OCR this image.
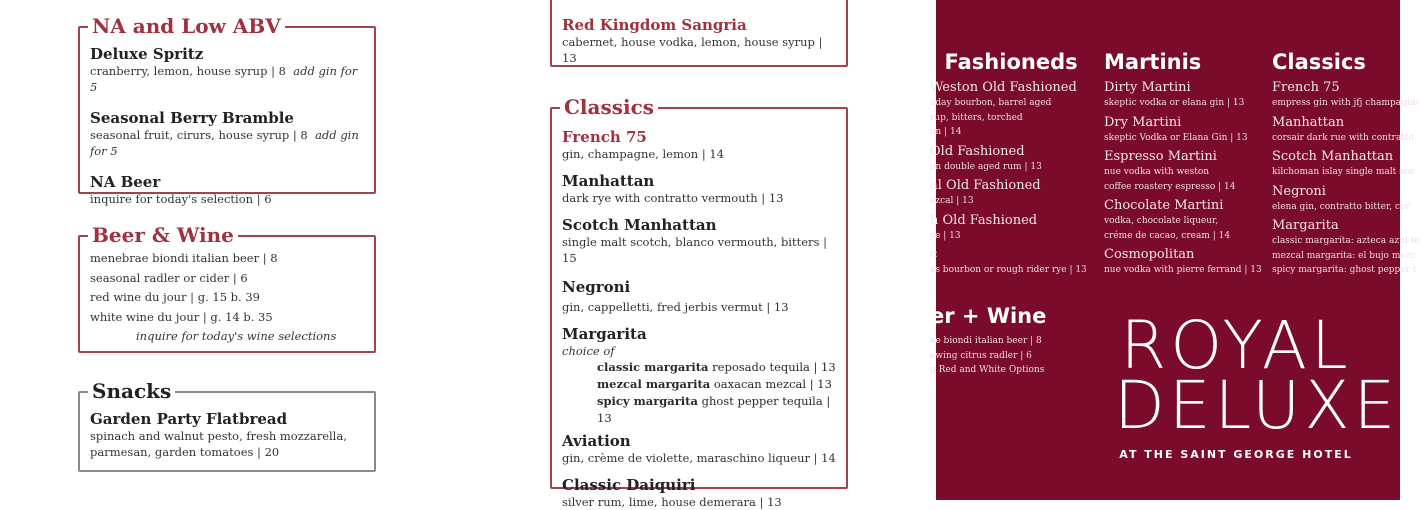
NA and Low ABV
Deluxe Spritz
cranberry, lemon, house syrup | 8 add gin for 5
Seasonal Berry Bramble
seasonal fruit, cirurs, house syrup | 8 add gin for 5
NA Beer
inquire for today's selection | 6
Beer & Wine
menebrae biondi italian beer | 8
seasonal radler or cider | 6
red wine du jour | g. 15 b. 39
white wine du jour | g. 14 b. 35
inquire for today's wine selections
Snacks
Garden Party Flatbread
spinach and walnut pesto, fresh mozzarella,
parmesan, garden tomatoes | 20
Red Kingdom Sangria
cabernet, house vodka, lemon, house syrup | 13
Classics
French 75
gin, champagne, lemon | 14
Manhattan
dark rye with contratto vermouth | 13
Scotch Manhattan
single malt scotch, blanco vermouth, bitters | 15
Negroni
gin, cappelletti, fred jerbis vermut | 13
Margarita
choice of
classic margarita reposado tequila | 13
mezcal margarita oaxacan mezcal | 13
spicy margarita ghost pepper tequila | 13
Aviation
gin, crème de violette, maraschino liqueur | 14
Classic Daiquiri
silver rum, lime, house demerara | 13
l Fashioneds
Weston Old Fashioned
aday bourbon, barrel aged
rup, bitters, torched
on | 14
Old Fashioned
on double aged rum | 13
al Old Fashioned
ezcal | 13
h Old Fashioned
ye | 13
c
es bourbon or rough rider rye | 13
er + Wine
ae biondi italian beer | 8
ewing citrus radler | 6
g Red and White Options
Martinis
Dirty Martini
skeptic vodka or elana gin | 13
Dry Martini
skeptic Vodka or Elana Gin | 13
Espresso Martini
nue vodka with weston
coffee roastery espresso | 14
Chocolate Martini
vodka, chocolate liqueur,
créme de cacao, cream | 14
Cosmopolitan
nue vodka with pierre ferrand | 13
Classics
French 75
empress gin with jfj champagne
Manhattan
corsair dark rue with contratto
Scotch Manhattan
kilchoman islay single malt sco
Negroni
elena gin, contratto bitter, cor
Margarita
classic margarita: azteca azul te
mezcal margarita: el bujo mezc
spicy margarita: ghost pepper t
ROYAL
DELUXE
AT THE SAINT GEORGE HOTEL
